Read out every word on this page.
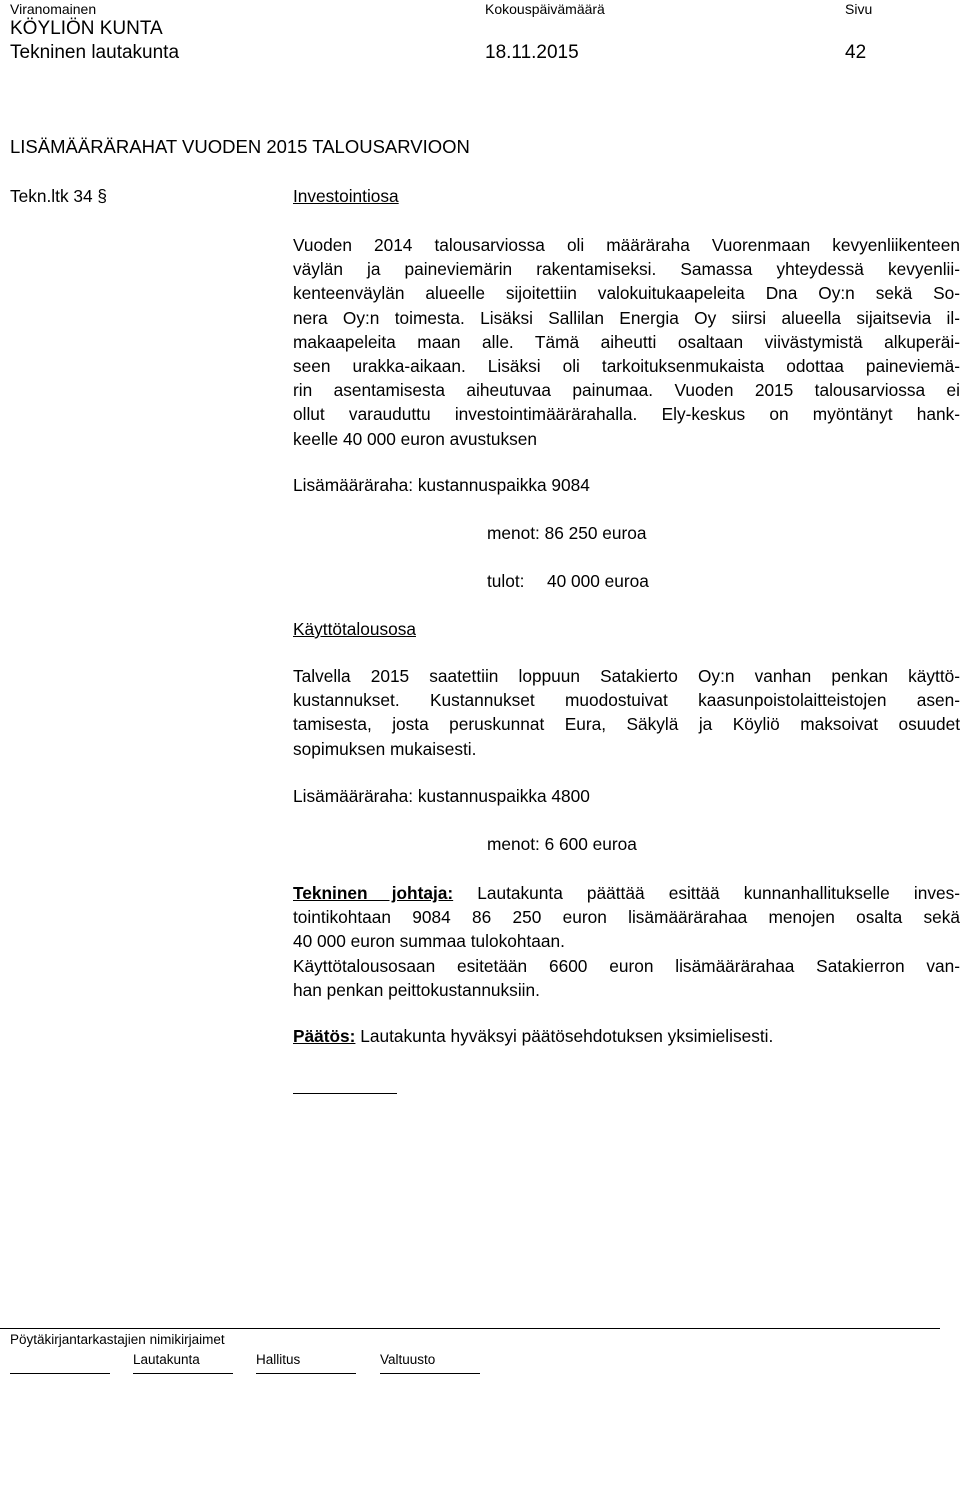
Viranomainen	Kokouspäivämäärä	Sivu
KÖYLIÖN KUNTA
Tekninen lautakunta	18.11.2015	42
LISÄMÄÄRÄRAHAT VUODEN 2015 TALOUSARVIOON
Tekn.ltk 34 §	Investointiosa
Vuoden 2014 talousarviossa oli määräraha Vuorenmaan kevyenliikenteen
väylän ja paineviemärin rakentamiseksi. Samassa yhteydessä kevyenlii-
kenteenväylän alueelle sijoitettiin valokuitukaapeleita Dna Oy:n sekä So-
nera Oy:n toimesta. Lisäksi Sallilan Energia Oy siirsi alueella sijaitsevia il-
makaapeleita maan alle. Tämä aiheutti osaltaan viivästymistä alkuperäi-
seen urakka-aikaan. Lisäksi oli tarkoituksenmukaista odottaa paineviemä-
rin asentamisesta aiheutuvaa painumaa. Vuoden 2015 talousarviossa ei
ollut varauduttu investointimäärärahalla. Ely-keskus on myöntänyt hank-
keelle 40 000 euron avustuksen
Lisämääräraha: kustannuspaikka 9084
menot: 86 250 euroa
tulot: 40 000 euroa
Käyttötalousosa
Talvella 2015 saatettiin loppuun Satakierto Oy:n vanhan penkan käyttö-
kustannukset. Kustannukset muodostuivat kaasunpoistolaitteistojen asen-
tamisesta, josta peruskunnat Eura, Säkylä ja Köyliö maksoivat osuudet
sopimuksen mukaisesti.
Lisämääräraha: kustannuspaikka 4800
menot: 6 600 euroa
Tekninen johtaja: Lautakunta päättää esittää kunnanhallitukselle inves-
tointikohtaan 9084 86 250 euron lisämäärärahaa menojen osalta sekä
40 000 euron summaa tulokohtaan.
Käyttötalousosaan esitetään 6600 euron lisämäärärahaa Satakierron van-
han penkan peittokustannuksiin.
Päätös: Lautakunta hyväksyi päätösehdotuksen yksimielisesti.
Pöytäkirjantarkastajien nimikirjaimet
Lautakunta	Hallitus	Valtuusto
